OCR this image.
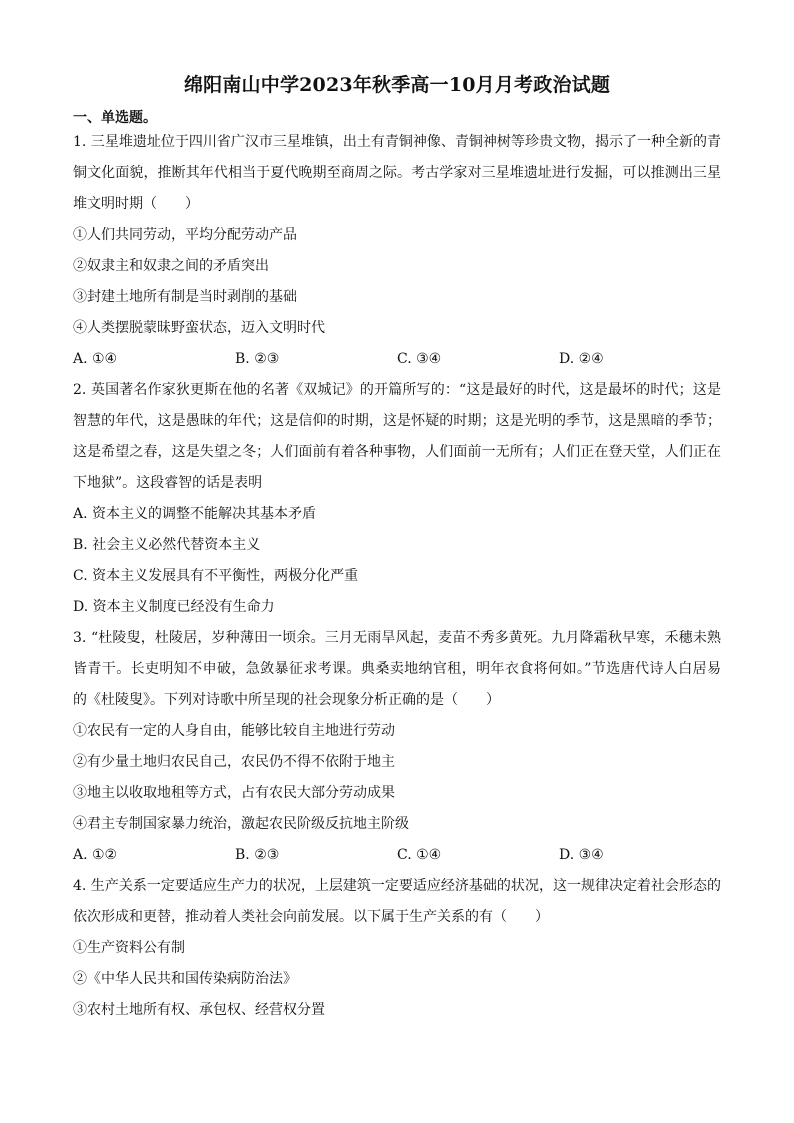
绵阳南山中学2023年秋季高一10月月考政治试题
一、单选题。
1. 三星堆遗址位于四川省广汉市三星堆镇，出土有青铜神像、青铜神树等珍贵文物，揭示了一种全新的青
铜文化面貌，推断其年代相当于夏代晚期至商周之际。考古学家对三星堆遗址进行发掘，可以推测出三星
堆文明时期（　　）
①人们共同劳动，平均分配劳动产品
②奴隶主和奴隶之间的矛盾突出
③封建土地所有制是当时剥削的基础
④人类摆脱蒙昧野蛮状态，迈入文明时代
A. ①④	B. ②③	C. ③④	D. ②④
2. 英国著名作家狄更斯在他的名著《双城记》的开篇所写的：“这是最好的时代，这是最坏的时代；这是
智慧的年代，这是愚昧的年代；这是信仰的时期，这是怀疑的时期；这是光明的季节，这是黑暗的季节；
这是希望之春，这是失望之冬；人们面前有着各种事物，人们面前一无所有；人们正在登天堂，人们正在
下地狱”。这段睿智的话是表明
A. 资本主义的调整不能解决其基本矛盾
B. 社会主义必然代替资本主义
C. 资本主义发展具有不平衡性，两极分化严重
D. 资本主义制度已经没有生命力
3. “杜陵叟，杜陵居，岁种薄田一顷余。三月无雨旱风起，麦苗不秀多黄死。九月降霜秋早寒，禾穗未熟
皆青干。长吏明知不申破，急敛暴征求考课。典桑卖地纳官租，明年衣食将何如。”节选唐代诗人白居易
的《杜陵叟》。下列对诗歌中所呈现的社会现象分析正确的是（　　）
①农民有一定的人身自由，能够比较自主地进行劳动
②有少量土地归农民自己，农民仍不得不依附于地主
③地主以收取地租等方式，占有农民大部分劳动成果
④君主专制国家暴力统治，激起农民阶级反抗地主阶级
A. ①②	B. ②③	C. ①④	D. ③④
4. 生产关系一定要适应生产力的状况，上层建筑一定要适应经济基础的状况，这一规律决定着社会形态的
依次形成和更替，推动着人类社会向前发展。以下属于生产关系的有（　　）
①生产资料公有制
②《中华人民共和国传染病防治法》
③农村土地所有权、承包权、经营权分置
